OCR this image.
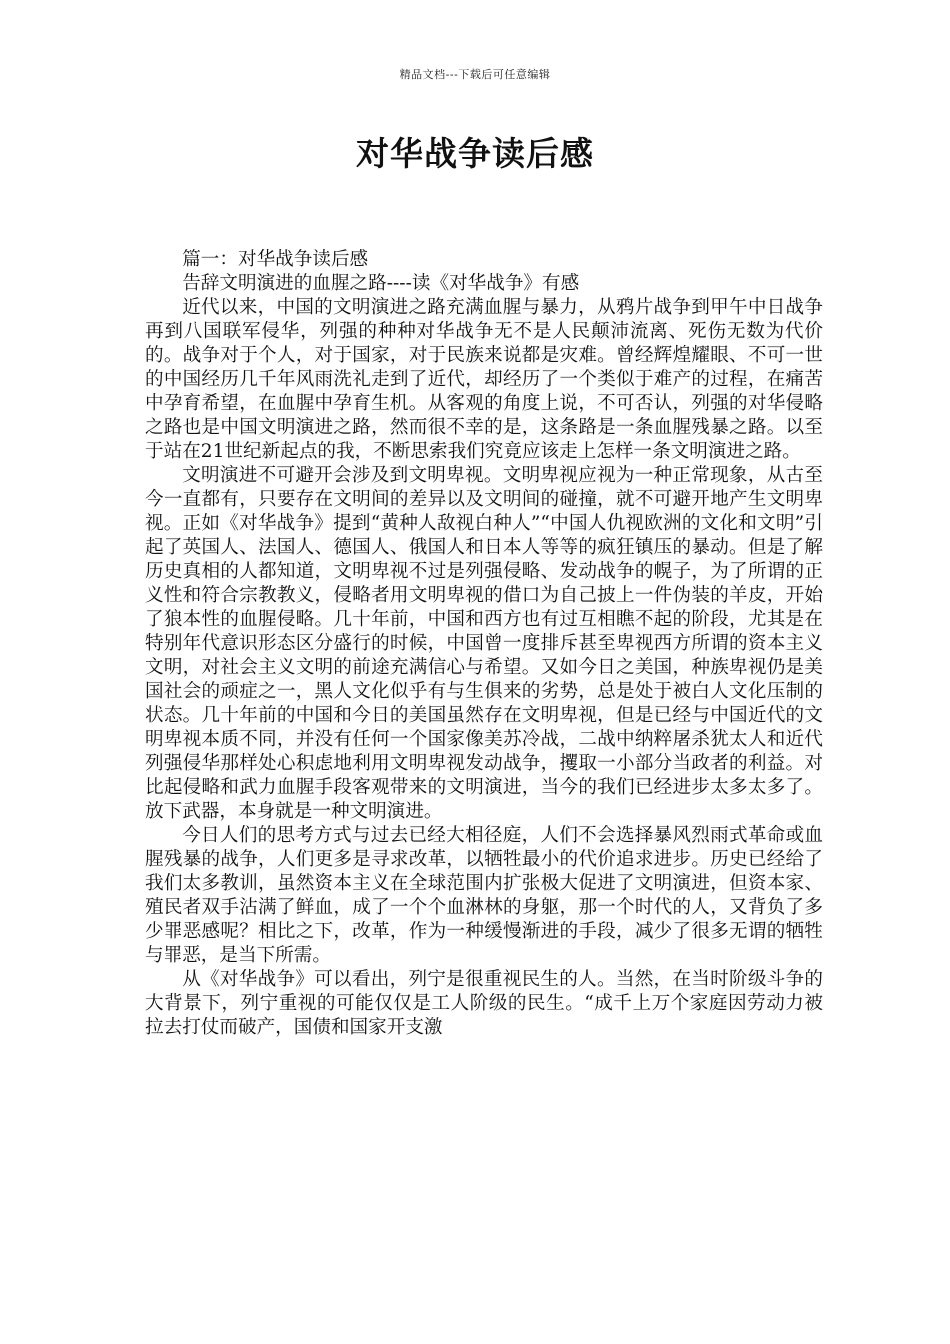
精品文档---下载后可任意编辑
对华战争读后感

篇一：对华战争读后感

告辞文明演进的血腥之路----读《对华战争》有感

近代以来，中国的文明演进之路充满血腥与暴力，从鸦片战争到甲午中日战争再到八国联军侵华，列强的种种对华战争无不是人民颠沛流离、死伤无数为代价的。战争对于个人，对于国家，对于民族来说都是灾难。曾经辉煌耀眼、不可一世的中国经历几千年风雨洗礼走到了近代，却经历了一个类似于难产的过程，在痛苦中孕育希望，在血腥中孕育生机。从客观的角度上说，不可否认，列强的对华侵略之路也是中国文明演进之路，然而很不幸的是，这条路是一条血腥残暴之路。以至于站在21世纪新起点的我，不断思索我们究竟应该走上怎样一条文明演进之路。

文明演进不可避开会涉及到文明卑视。文明卑视应视为一种正常现象，从古至今一直都有，只要存在文明间的差异以及文明间的碰撞，就不可避开地产生文明卑视。正如《对华战争》提到“黄种人敌视白种人”“中国人仇视欧洲的文化和文明”引起了英国人、法国人、德国人、俄国人和日本人等等的疯狂镇压的暴动。但是了解历史真相的人都知道，文明卑视不过是列强侵略、发动战争的幌子，为了所谓的正义性和符合宗教教义，侵略者用文明卑视的借口为自己披上一件伪装的羊皮，开始了狼本性的血腥侵略。几十年前，中国和西方也有过互相瞧不起的阶段，尤其是在特别年代意识形态区分盛行的时候，中国曾一度排斥甚至卑视西方所谓的资本主义文明，对社会主义文明的前途充满信心与希望。又如今日之美国，种族卑视仍是美国社会的顽症之一，黑人文化似乎有与生俱来的劣势，总是处于被白人文化压制的状态。几十年前的中国和今日的美国虽然存在文明卑视，但是已经与中国近代的文明卑视本质不同，并没有任何一个国家像美苏冷战，二战中纳粹屠杀犹太人和近代列强侵华那样处心积虑地利用文明卑视发动战争，攫取一小部分当政者的利益。对比起侵略和武力血腥手段客观带来的文明演进，当今的我们已经进步太多太多了。放下武器，本身就是一种文明演进。

今日人们的思考方式与过去已经大相径庭，人们不会选择暴风烈雨式革命或血腥残暴的战争，人们更多是寻求改革，以牺牲最小的代价追求进步。历史已经给了我们太多教训，虽然资本主义在全球范围内扩张极大促进了文明演进，但资本家、殖民者双手沾满了鲜血，成了一个个血淋林的身躯，那一个时代的人，又背负了多少罪恶感呢？相比之下，改革，作为一种缓慢渐进的手段，减少了很多无谓的牺牲与罪恶，是当下所需。

从《对华战争》可以看出，列宁是很重视民生的人。当然，在当时阶级斗争的大背景下，列宁重视的可能仅仅是工人阶级的民生。“成千上万个家庭因劳动力被拉去打仗而破产，国债和国家开支激
